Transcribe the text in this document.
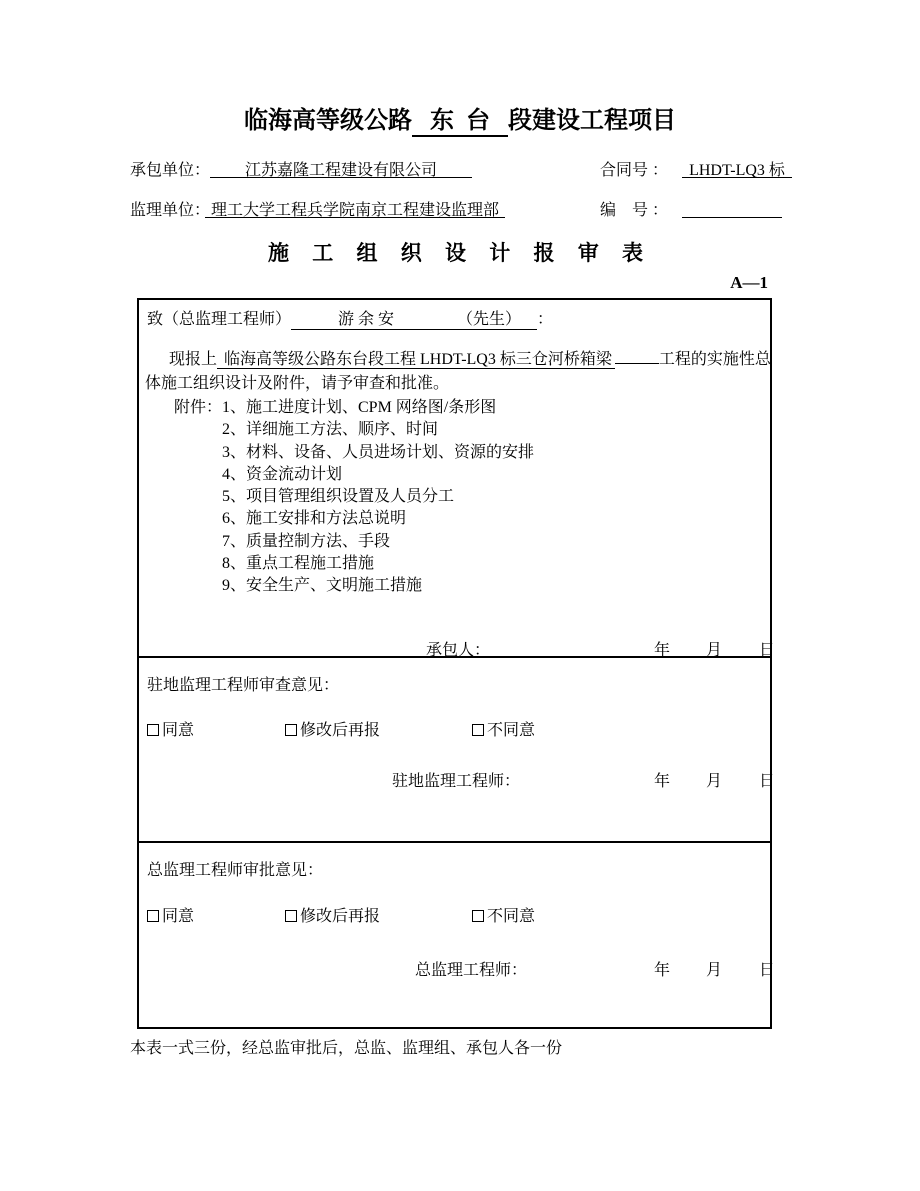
临海高等级公路 东  台 段建设工程项目
承包单位：	江苏嘉隆工程建设有限公司	合同号 ：	LHDT-LQ3 标
监理单位： 理工大学工程兵学院南京工程建设监理部	编　号 ：
施 工 组 织 设 计 报 审 表
A—1
致（总监理工程师）	游 余 安	（先生） ：
现报上 临海高等级公路东台段工程 LHDT-LQ3 标三仓河桥箱梁	工程的实施性总
体施工组织设计及附件，请予审查和批准。
附件：1、施工进度计划、CPM 网络图/条形图
2、详细施工方法、顺序、时间
3、材料、设备、人员进场计划、资源的安排
4、资金流动计划
5、项目管理组织设置及人员分工
6、施工安排和方法总说明
7、质量控制方法、手段
8、重点工程施工措施
9、安全生产、文明施工措施
承包人：	年 月 日
驻地监理工程师审查意见：
同意	修改后再报	不同意
驻地监理工程师：	年 月 日
总监理工程师审批意见：
同意	修改后再报	不同意
总监理工程师：	年 月 日
本表一式三份，经总监审批后，总监、监理组、承包人各一份
